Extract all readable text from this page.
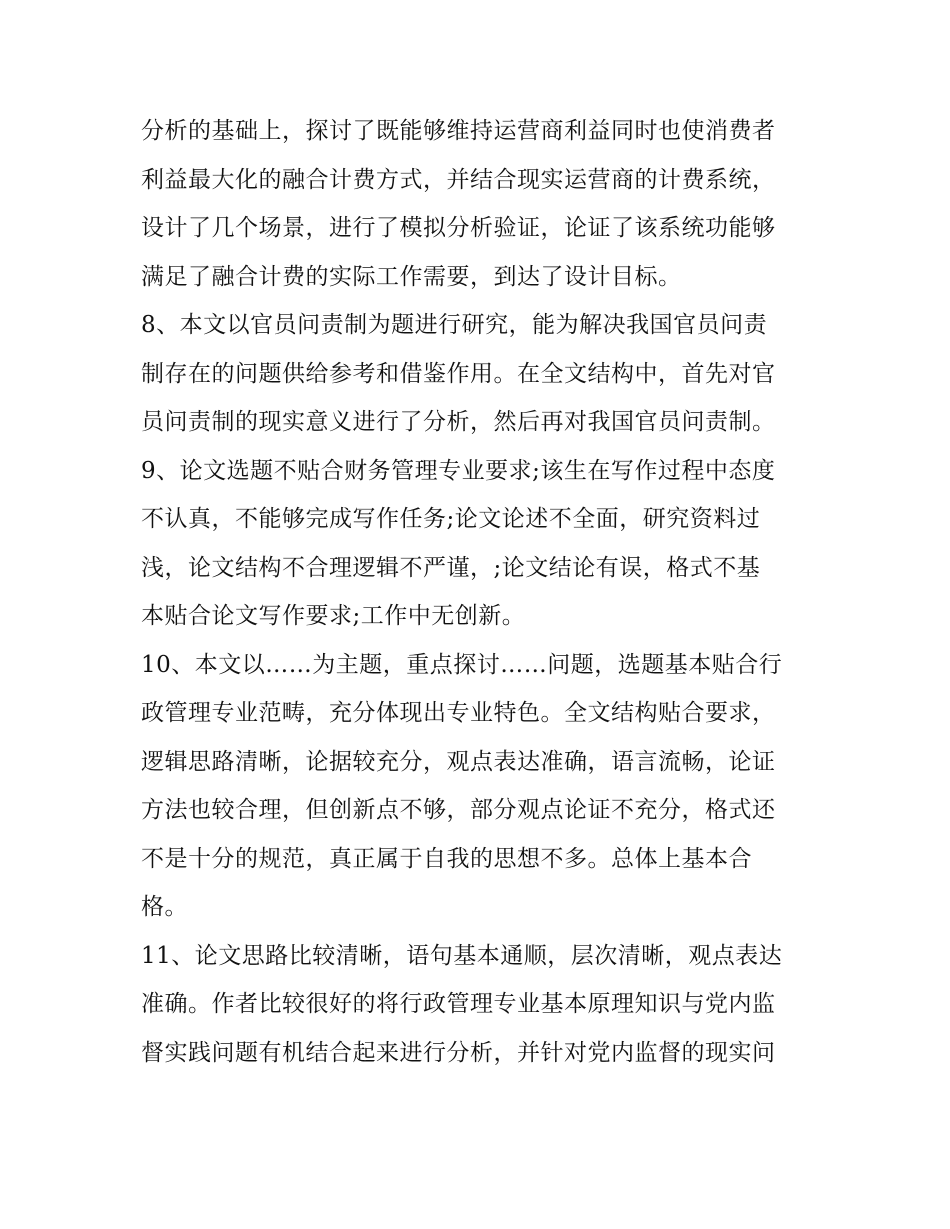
分析的基础上，探讨了既能够维持运营商利益同时也使消费者
利益最大化的融合计费方式，并结合现实运营商的计费系统，
设计了几个场景，进行了模拟分析验证，论证了该系统功能够
满足了融合计费的实际工作需要，到达了设计目标。
8、本文以官员问责制为题进行研究，能为解决我国官员问责
制存在的问题供给参考和借鉴作用。在全文结构中，首先对官
员问责制的现实意义进行了分析，然后再对我国官员问责制。
9、论文选题不贴合财务管理专业要求;该生在写作过程中态度
不认真，不能够完成写作任务;论文论述不全面，研究资料过
浅，论文结构不合理逻辑不严谨，;论文结论有误，格式不基
本贴合论文写作要求;工作中无创新。
10、本文以……为主题，重点探讨……问题，选题基本贴合行
政管理专业范畴，充分体现出专业特色。全文结构贴合要求，
逻辑思路清晰，论据较充分，观点表达准确，语言流畅，论证
方法也较合理，但创新点不够，部分观点论证不充分，格式还
不是十分的规范，真正属于自我的思想不多。总体上基本合
格。
11、论文思路比较清晰，语句基本通顺，层次清晰，观点表达
准确。作者比较很好的将行政管理专业基本原理知识与党内监
督实践问题有机结合起来进行分析，并针对党内监督的现实问
